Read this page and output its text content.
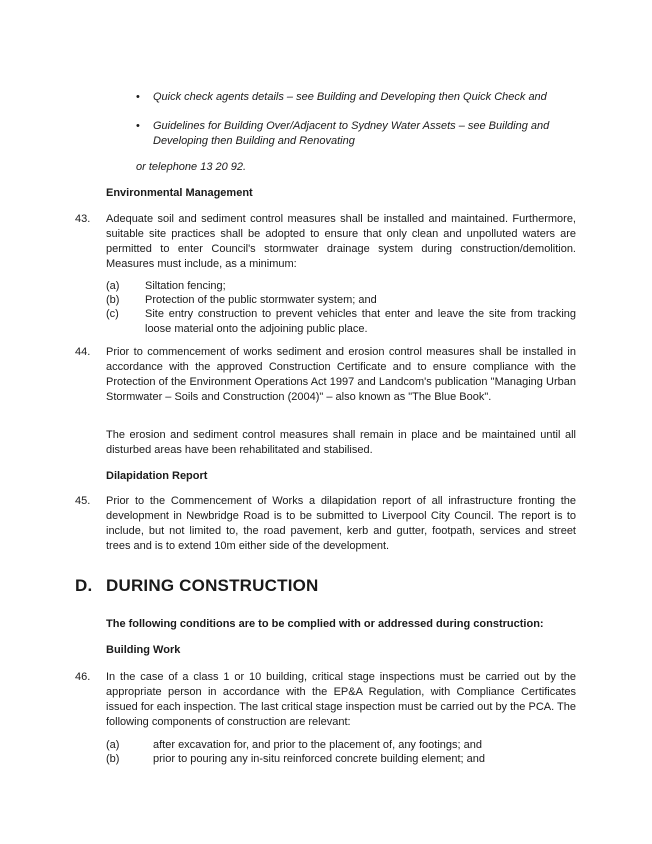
• Quick check agents details – see Building and Developing then Quick Check and
• Guidelines for Building Over/Adjacent to Sydney Water Assets – see Building and Developing then Building and Renovating
or telephone 13 20 92.
Environmental Management
43. Adequate soil and sediment control measures shall be installed and maintained. Furthermore, suitable site practices shall be adopted to ensure that only clean and unpolluted waters are permitted to enter Council's stormwater drainage system during construction/demolition. Measures must include, as a minimum:
(a) Siltation fencing;
(b) Protection of the public stormwater system; and
(c) Site entry construction to prevent vehicles that enter and leave the site from tracking loose material onto the adjoining public place.
44. Prior to commencement of works sediment and erosion control measures shall be installed in accordance with the approved Construction Certificate and to ensure compliance with the Protection of the Environment Operations Act 1997 and Landcom's publication "Managing Urban Stormwater – Soils and Construction (2004)" – also known as "The Blue Book".
The erosion and sediment control measures shall remain in place and be maintained until all disturbed areas have been rehabilitated and stabilised.
Dilapidation Report
45. Prior to the Commencement of Works a dilapidation report of all infrastructure fronting the development in Newbridge Road is to be submitted to Liverpool City Council. The report is to include, but not limited to, the road pavement, kerb and gutter, footpath, services and street trees and is to extend 10m either side of the development.
D. DURING CONSTRUCTION
The following conditions are to be complied with or addressed during construction:
Building Work
46. In the case of a class 1 or 10 building, critical stage inspections must be carried out by the appropriate person in accordance with the EP&A Regulation, with Compliance Certificates issued for each inspection. The last critical stage inspection must be carried out by the PCA. The following components of construction are relevant:
(a)	after excavation for, and prior to the placement of, any footings; and
(b)	prior to pouring any in-situ reinforced concrete building element; and
